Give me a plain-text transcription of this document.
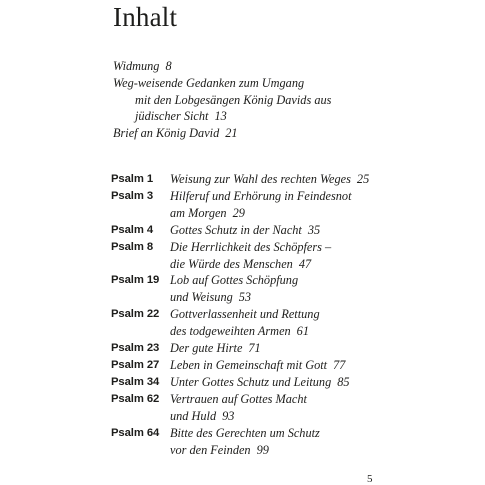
Inhalt
Widmung 8
Weg-weisende Gedanken zum Umgang
mit den Lobgesängen König Davids aus
jüdischer Sicht 13
Brief an König David 21
Psalm 1	Weisung zur Wahl des rechten Weges 25
Psalm 3	Hilferuf und Erhörung in Feindesnot
am Morgen 29
Psalm 4	Gottes Schutz in der Nacht 35
Psalm 8	Die Herrlichkeit des Schöpfers –
die Würde des Menschen 47
Psalm 19 Lob auf Gottes Schöpfung
und Weisung 53
Psalm 22 Gottverlassenheit und Rettung
des todgeweihten Armen 61
Psalm 23 Der gute Hirte 71
Psalm 27 Leben in Gemeinschaft mit Gott 77
Psalm 34 Unter Gottes Schutz und Leitung 85
Psalm 62 Vertrauen auf Gottes Macht
und Huld 93
Psalm 64 Bitte des Gerechten um Schutz
vor den Feinden 99
5
